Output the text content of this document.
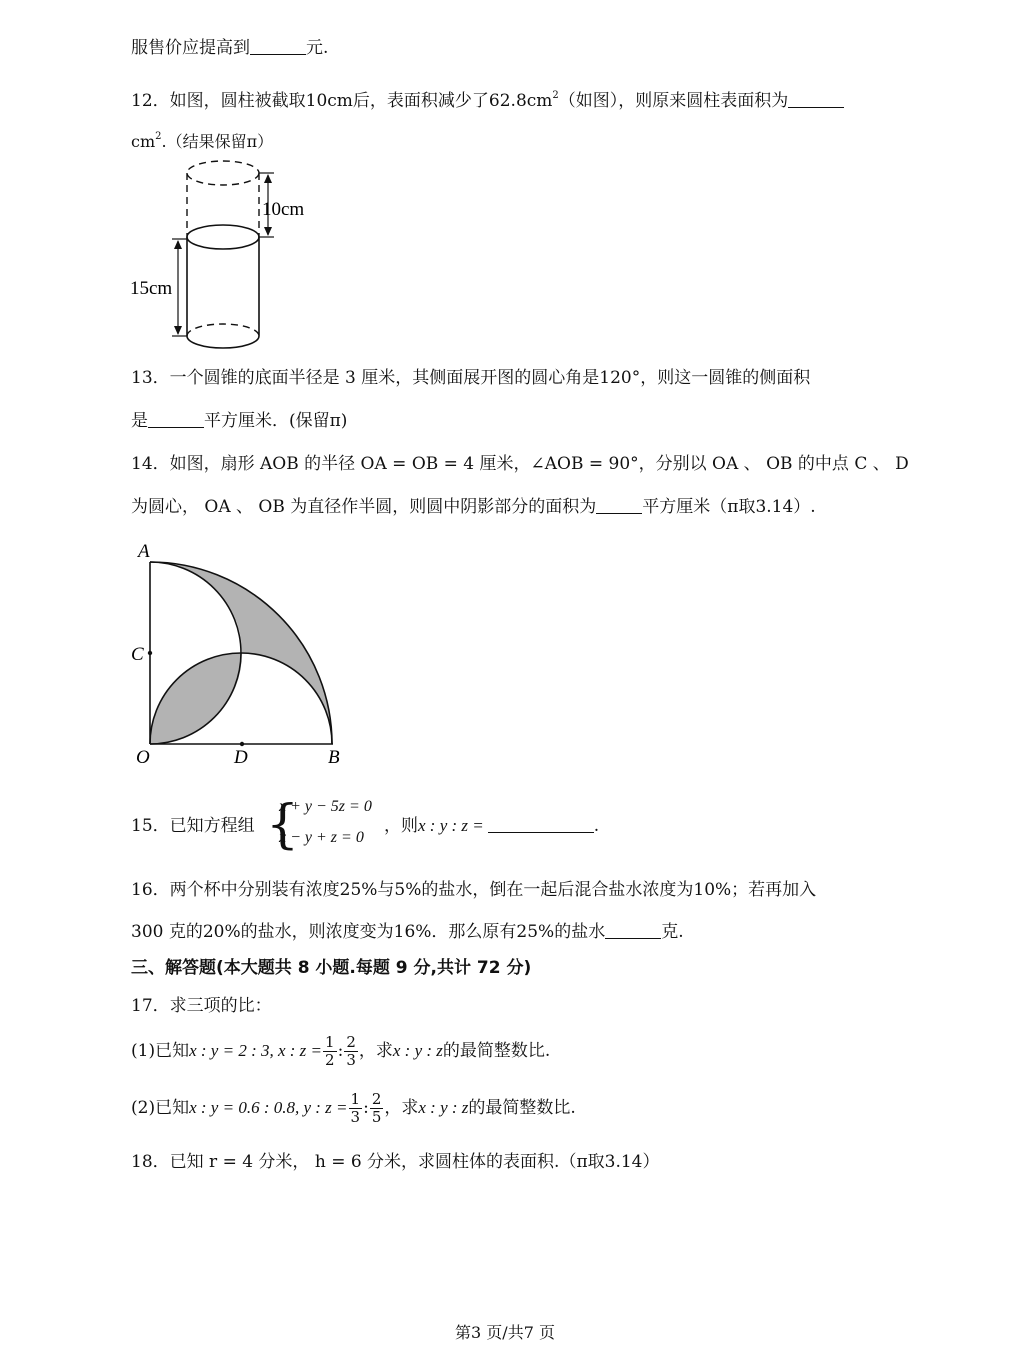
服售价应提高到	元.
12．如图，圆柱被截取10cm后，表面积减少了$62.8cm^2$（如图），则原来圆柱表面积为
$cm^2$.（结果保留π）
10cm
15cm
13．一个圆锥的底面半径是 3 厘米，其侧面展开图的圆心角是120°，则这一圆锥的侧面积
是	平方厘米．(保留π)
14．如图，扇形 AOB 的半径 OA = OB = 4 厘米，∠AOB = 90°，分别以 OA 、 OB 的中点 C 、 D
为圆心， OA 、 OB 为直径作半圆，则圆中阴影部分的面积为	平方厘米（π取3.14）.
A
C
O	D	B
15．已知方程组 {
x + y − 5z = 0
x − y + z = 0
，则x : y : z =	.
16．两个杯中分别装有浓度25%与5%的盐水，倒在一起后混合盐水浓度为10%；若再加入
300 克的20%的盐水，则浓度变为16%．那么原有25%的盐水	克.
三、解答题(本大题共 8 小题.每题 9 分,共计 72 分)
17．求三项的比：
(1)已知x : y = 2 : 3, x : $z = \frac{1}{2}$ : $\frac{2}{3}$ ，求x : y : z的最简整数比.
(2)已知x : y = 0.6 : 0.8, y : $z = \frac{1}{3}$ : $\frac{2}{5}$ ，求x : y : z的最简整数比.
18．已知 r = 4 分米， h = 6 分米，求圆柱体的表面积.（π取3.14）
第3 页/共7 页
